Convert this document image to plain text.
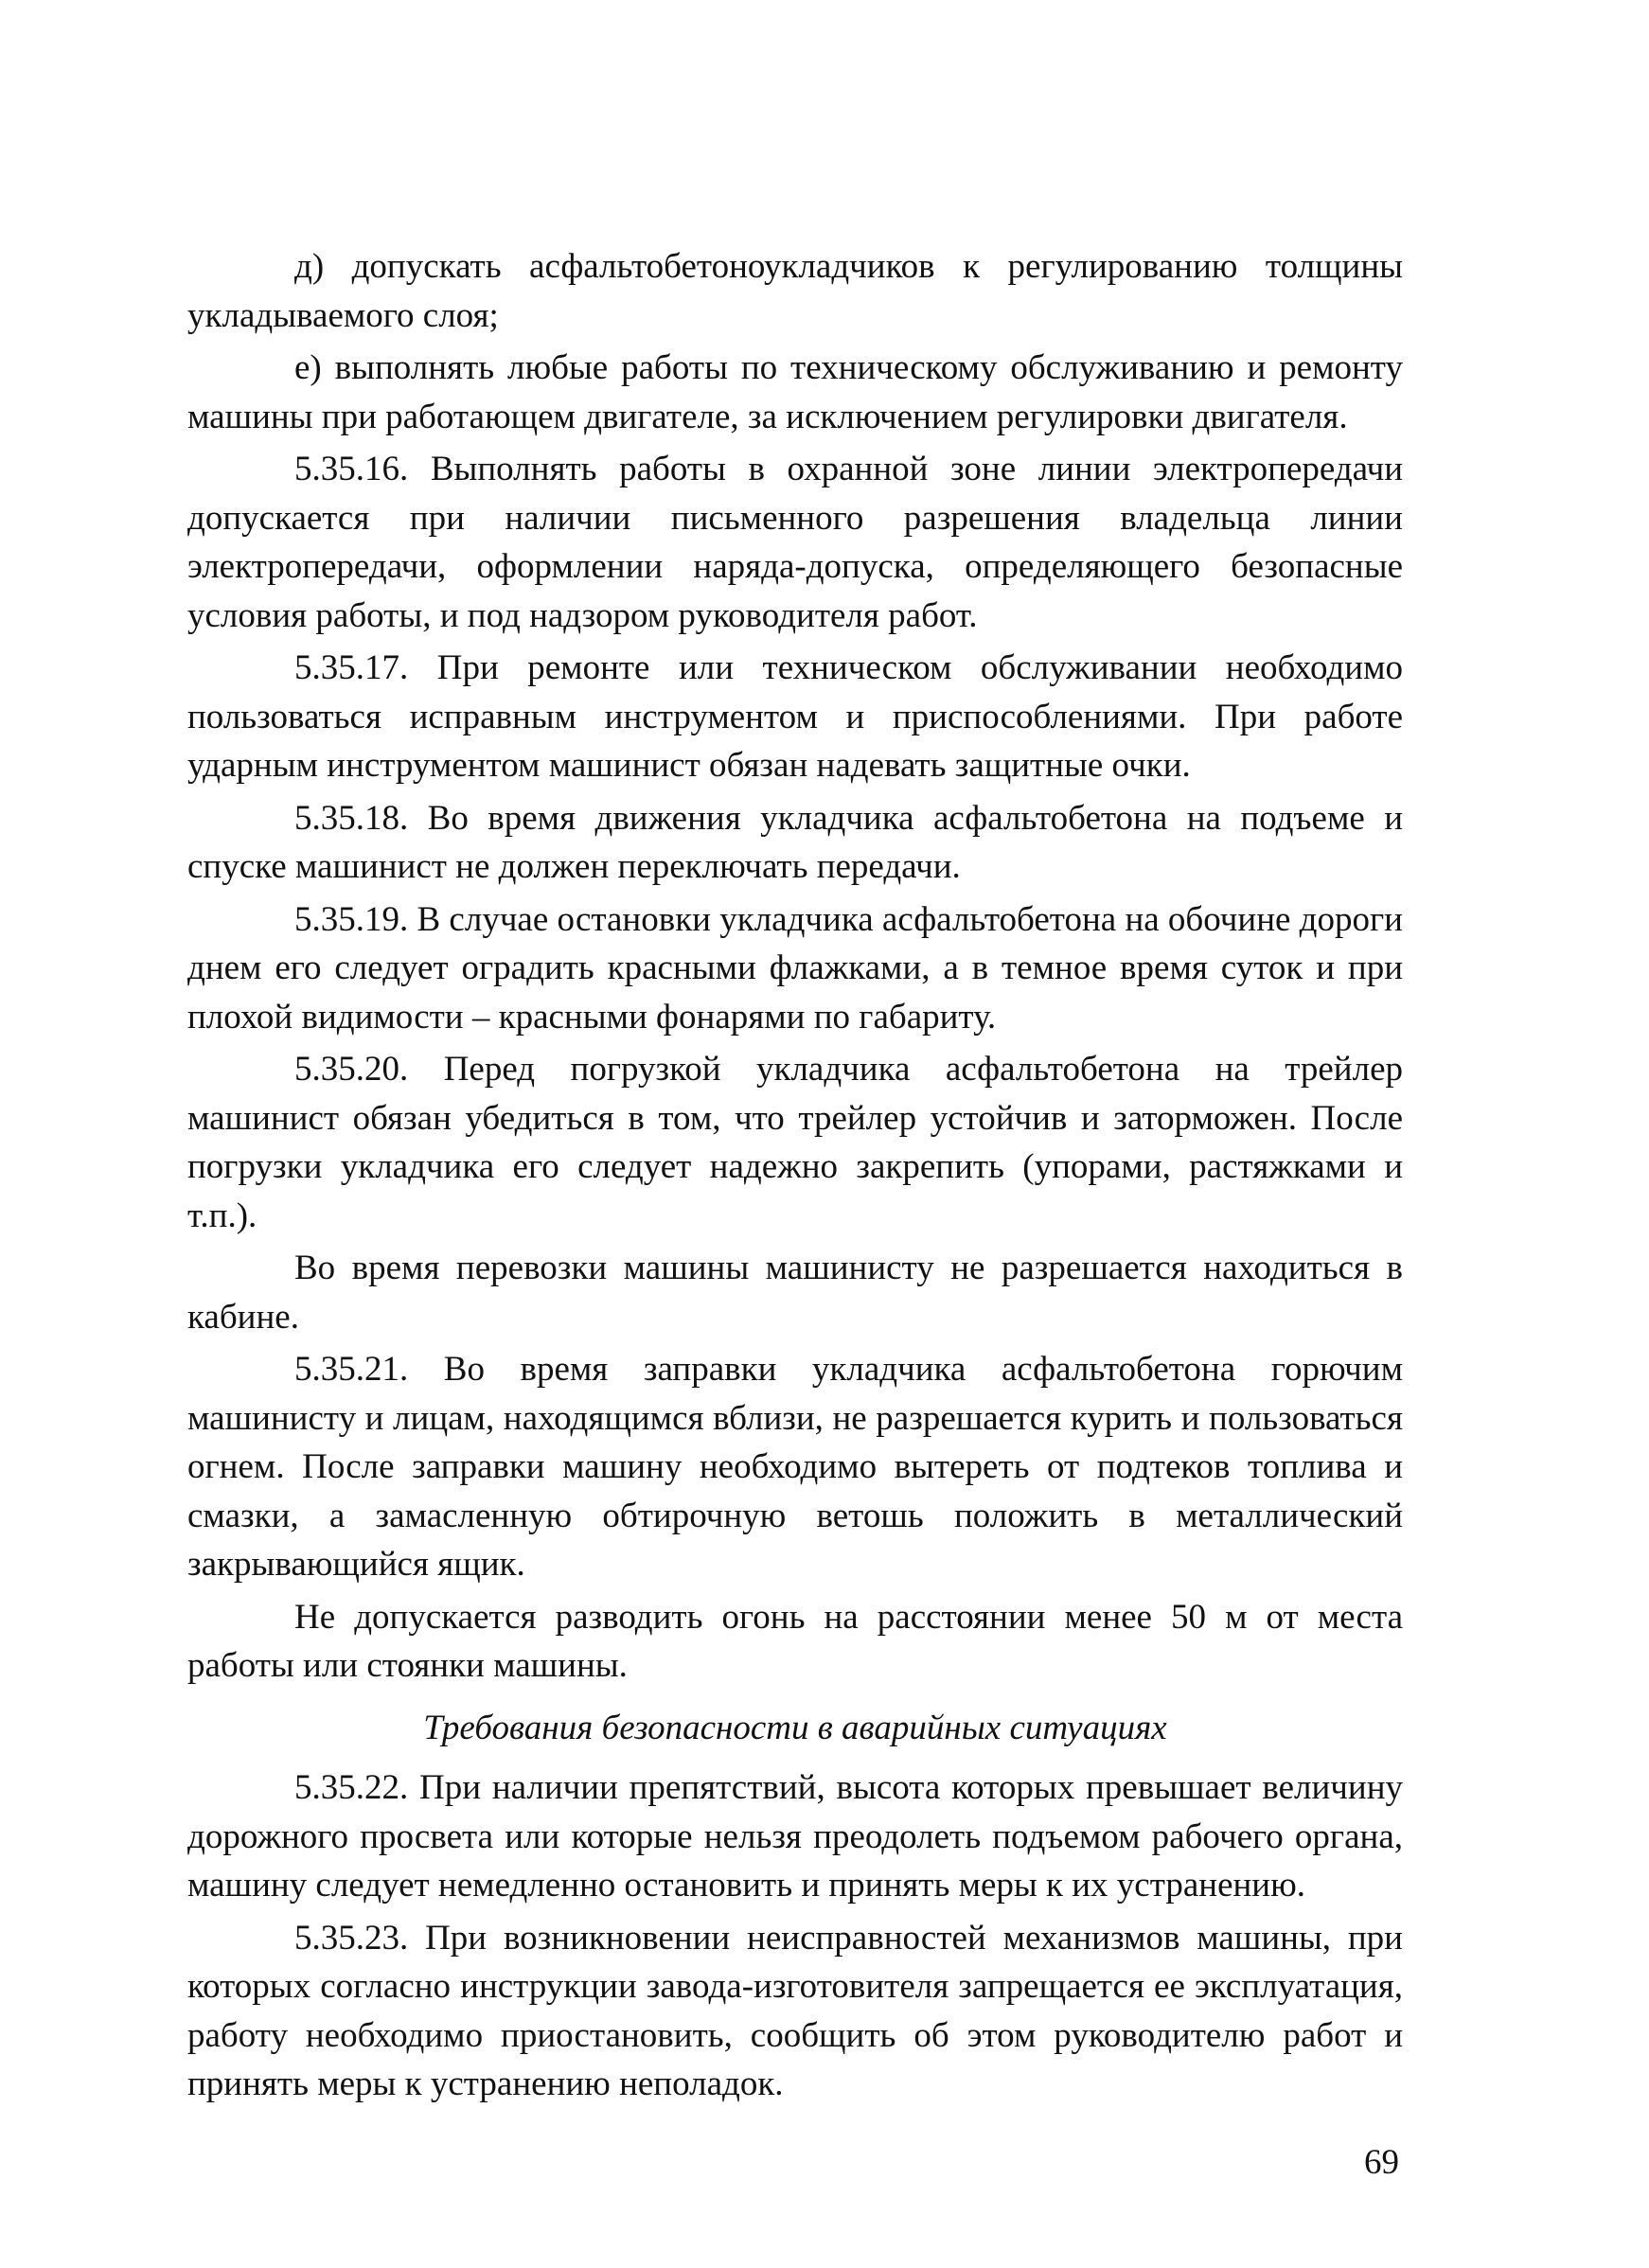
д) допускать асфальтобетоноукладчиков к регулированию толщины укладываемого слоя;

е) выполнять любые работы по техническому обслуживанию и ремонту машины при работающем двигателе, за исключением регулировки двигателя.

5.35.16. Выполнять работы в охранной зоне линии электропередачи допускается при наличии письменного разрешения владельца линии электропередачи, оформлении наряда-допуска, определяющего безопасные условия работы, и под надзором руководителя работ.

5.35.17. При ремонте или техническом обслуживании необходимо пользоваться исправным инструментом и приспособлениями. При работе ударным инструментом машинист обязан надевать защитные очки.

5.35.18. Во время движения укладчика асфальтобетона на подъеме и спуске машинист не должен переключать передачи.

5.35.19. В случае остановки укладчика асфальтобетона на обочине дороги днем его следует оградить красными флажками, а в темное время суток и при плохой видимости – красными фонарями по габариту.

5.35.20. Перед погрузкой укладчика асфальтобетона на трейлер машинист обязан убедиться в том, что трейлер устойчив и заторможен. После погрузки укладчика его следует надежно закрепить (упорами, растяжками и т.п.).

Во время перевозки машины машинисту не разрешается находиться в кабине.

5.35.21. Во время заправки укладчика асфальтобетона горючим машинисту и лицам, находящимся вблизи, не разрешается курить и пользоваться огнем. После заправки машину необходимо вытереть от подтеков топлива и смазки, а замасленную обтирочную ветошь положить в металлический закрывающийся ящик.

Не допускается разводить огонь на расстоянии менее 50 м от места работы или стоянки машины.

Требования безопасности в аварийных ситуациях

5.35.22. При наличии препятствий, высота которых превышает величину дорожного просвета или которые нельзя преодолеть подъемом рабочего органа, машину следует немедленно остановить и принять меры к их устранению.

5.35.23. При возникновении неисправностей механизмов машины, при которых согласно инструкции завода-изготовителя запрещается ее эксплуатация, работу необходимо приостановить, сообщить об этом руководителю работ и принять меры к устранению неполадок.

69
